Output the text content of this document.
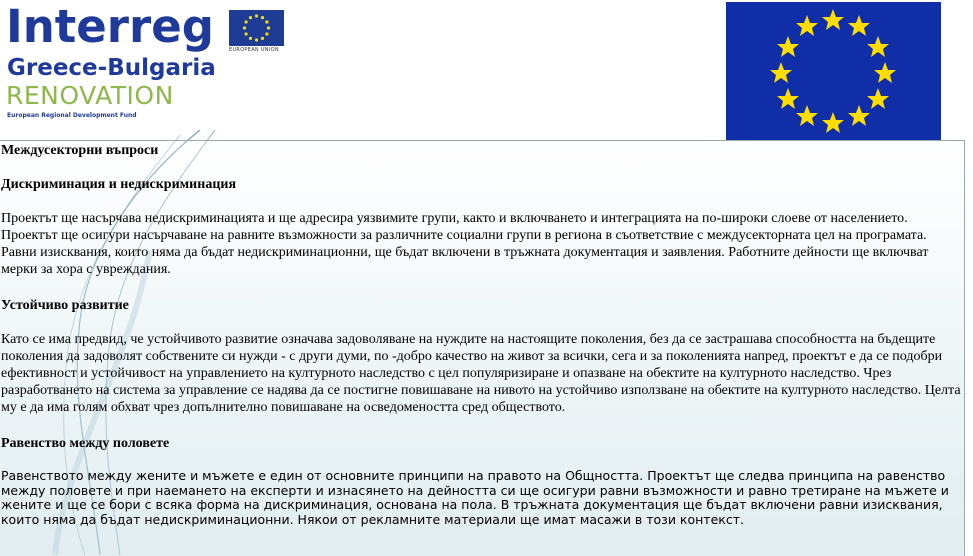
Interreg	EUROPEAN UNION
Greece-Bulgaria
RENOVATION
European Regional Development Fund
Междусекторни въпроси
Дискриминация и недискриминация

Проектът ще насърчава недискриминацията и ще адресира уязвимите групи, както и включването и интеграцията на по-широки слоеве от населението. Проектът ще осигури насърчаване на равните възможности за различните социални групи в региона в съответствие с междусекторната цел на програмата. Равни изисквания, които няма да бъдат недискриминационни, ще бъдат включени в тръжната документация и заявления. Работните дейности ще включват мерки за хора с увреждания.

Устойчиво развитие

Като се има предвид, че устойчивото развитие означава задоволяване на нуждите на настоящите поколения, без да се застрашава способността на бъдещите поколения да задоволят собствените си нужди - с други думи, по -добро качество на живот за всички, сега и за поколенията напред, проектът е да се подобри ефективност и устойчивост на управлението на културното наследство с цел популяризиране и опазване на обектите на културното наследство. Чрез разработването на система за управление се надява да се постигне повишаване на нивото на устойчиво използване на обектите на културното наследство. Целта му е да има голям обхват чрез допълнително повишаване на осведомеността сред обществото.

Равенство между половете

Равенството между жените и мъжете е един от основните принципи на правото на Общността. Проектът ще следва принципа на равенство между половете и при наемането на експерти и изнасянето на дейността си ще осигури равни възможности и равно третиране на мъжете и жените и ще се бори с всяка форма на дискриминация, основана на пола. В тръжната документация ще бъдат включени равни изисквания, които няма да бъдат недискриминационни. Някои от рекламните материали ще имат масажи в този контекст.
